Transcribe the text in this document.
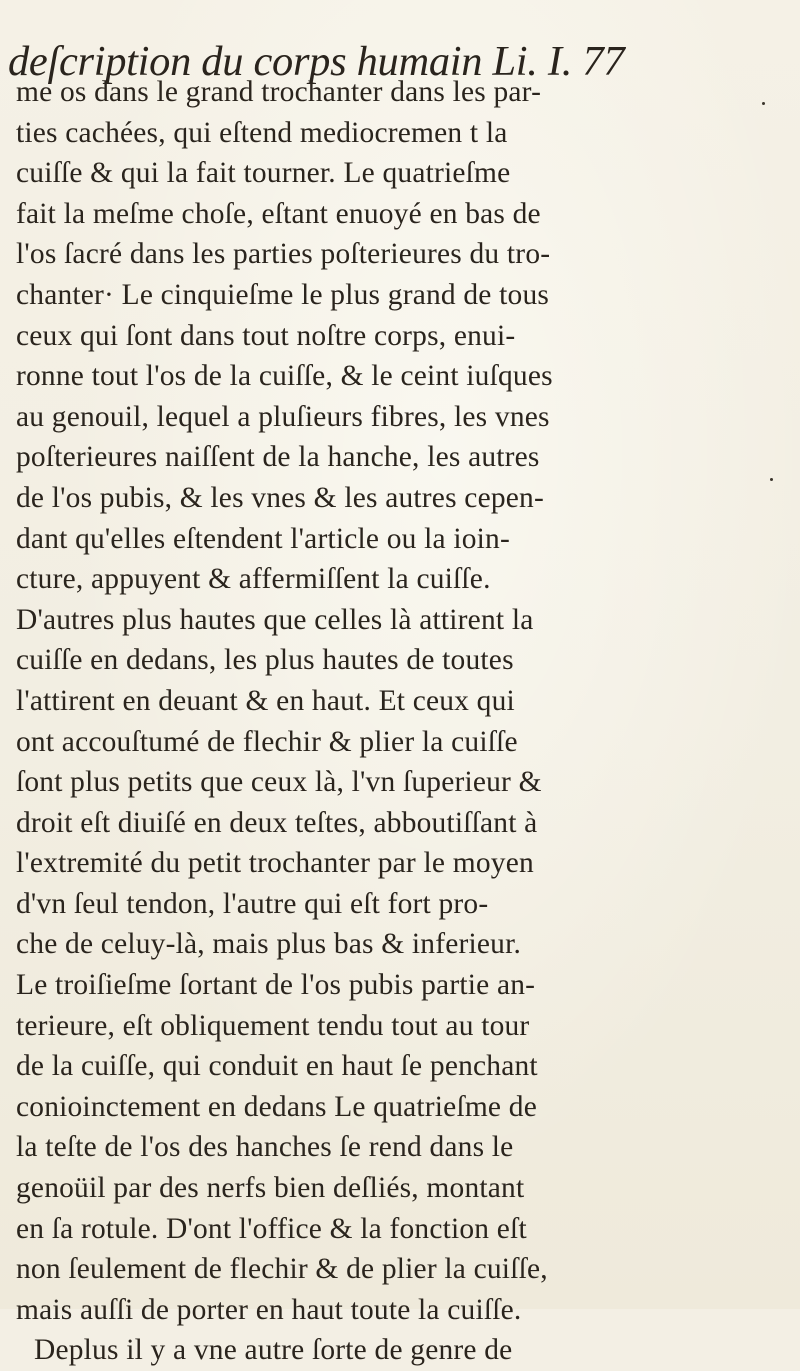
deſcription du corps humain Li. I. 77
me os dans le grand trochanter dans les par-
ties cachées, qui eſtend mediocremen t la
cuiſſe & qui la fait tourner. Le quatrieſme
fait la meſme choſe, eſtant enuoyé en bas de
l'os ſacré dans les parties poſterieures du tro-
chanter· Le cinquieſme le plus grand de tous
ceux qui ſont dans tout noſtre corps, enui-
ronne tout l'os de la cuiſſe, & le ceint iuſques
au genouil, lequel a pluſieurs fibres, les vnes
poſterieures naiſſent de la hanche, les autres
de l'os pubis, & les vnes & les autres cepen-
dant qu'elles eſtendent l'article ou la ioin-
cture, appuyent & affermiſſent la cuiſſe.
D'autres plus hautes que celles là attirent la
cuiſſe en dedans, les plus hautes de toutes
l'attirent en deuant & en haut. Et ceux qui
ont accouſtumé de flechir & plier la cuiſſe
ſont plus petits que ceux là, l'vn ſuperieur &
droit eſt diuiſé en deux teſtes, abboutiſſant à
l'extremité du petit trochanter par le moyen
d'vn ſeul tendon, l'autre qui eſt fort pro-
che de celuy-là, mais plus bas & inferieur.
Le troiſieſme ſortant de l'os pubis partie an-
terieure, eſt obliquement tendu tout au tour
de la cuiſſe, qui conduit en haut ſe penchant
conioinctement en dedans Le quatrieſme de
la teſte de l'os des hanches ſe rend dans le
genoüil par des nerfs bien deſliés, montant
en ſa rotule. D'ont l'office & la fonction eſt
non ſeulement de flechir & de plier la cuiſſe,
mais auſſi de porter en haut toute la cuiſſe.
Deplus il y a vne autre ſorte de genre de
